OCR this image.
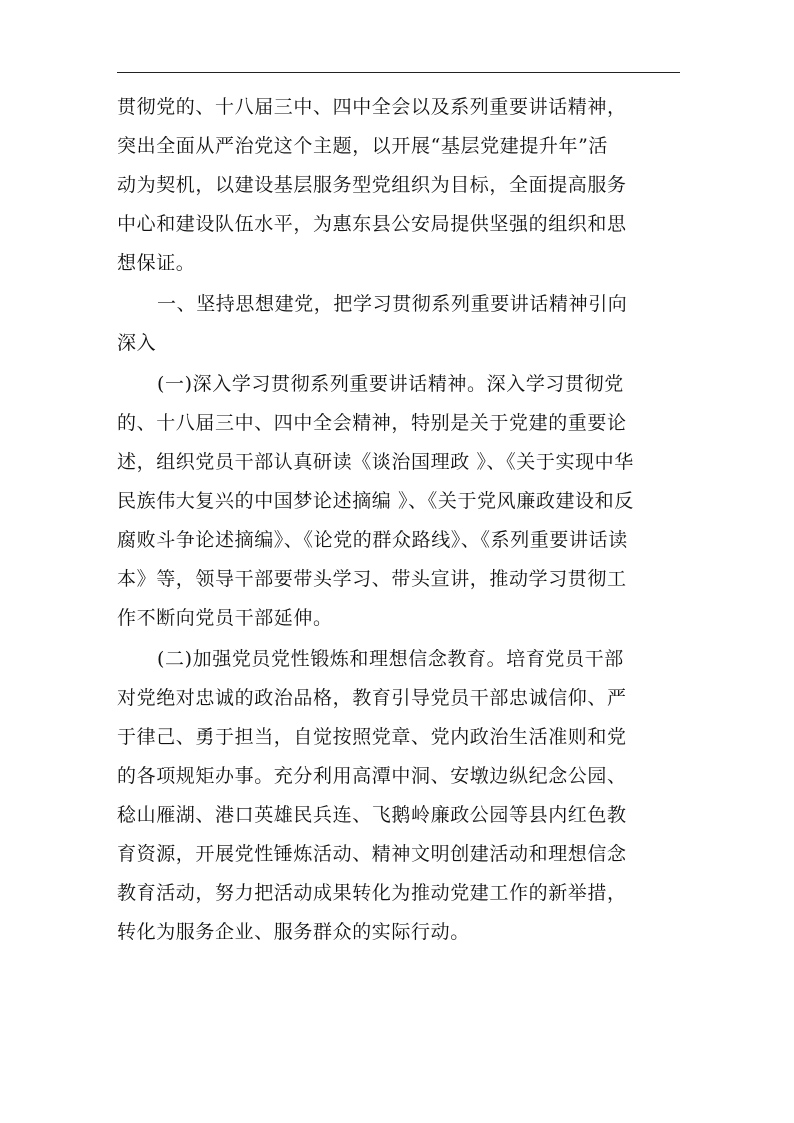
贯彻党的、十八届三中、四中全会以及系列重要讲话精神，
突出全面从严治党这个主题，以开展“基层党建提升年”活
动为契机，以建设基层服务型党组织为目标，全面提高服务
中心和建设队伍水平，为惠东县公安局提供坚强的组织和思
想保证。
一、坚持思想建党，把学习贯彻系列重要讲话精神引向
深入
(一)深入学习贯彻系列重要讲话精神。深入学习贯彻党
的、十八届三中、四中全会精神，特别是关于党建的重要论
述，组织党员干部认真研读《谈治国理政 》、《关于实现中华
民族伟大复兴的中国梦论述摘编 》、《关于党风廉政建设和反
腐败斗争论述摘编》、《论党的群众路线》、《系列重要讲话读
本》等，领导干部要带头学习、带头宣讲，推动学习贯彻工
作不断向党员干部延伸。
(二)加强党员党性锻炼和理想信念教育。培育党员干部
对党绝对忠诚的政治品格，教育引导党员干部忠诚信仰、严
于律己、勇于担当，自觉按照党章、党内政治生活准则和党
的各项规矩办事。充分利用高潭中洞、安墩边纵纪念公园、
稔山雁湖、港口英雄民兵连、飞鹅岭廉政公园等县内红色教
育资源，开展党性锤炼活动、精神文明创建活动和理想信念
教育活动，努力把活动成果转化为推动党建工作的新举措，
转化为服务企业、服务群众的实际行动。
